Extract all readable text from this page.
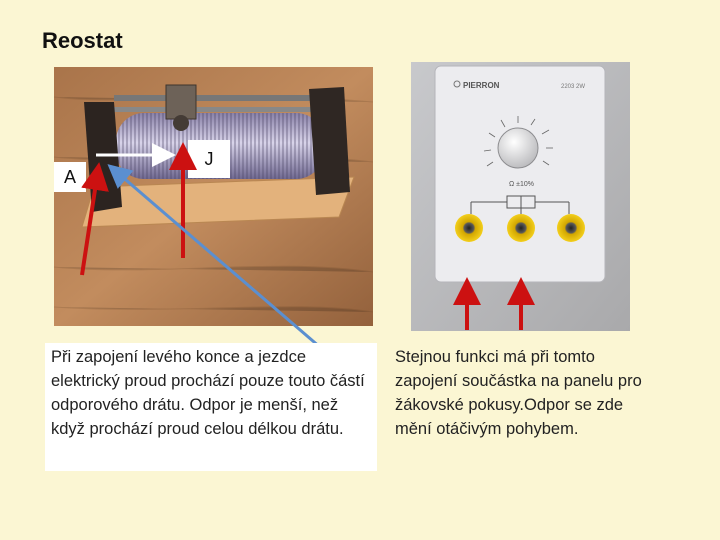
Reostat
PIERRON	2203 2W
Ω ±10%
A
J
Při zapojení levého konce a jezdce elektrický proud prochází pouze touto částí odporového drátu. Odpor je menší, než když prochází proud celou délkou drátu.
Stejnou funkci má při tomto zapojení součástka na panelu pro žákovské pokusy.Odpor se zde mění otáčivým pohybem.
